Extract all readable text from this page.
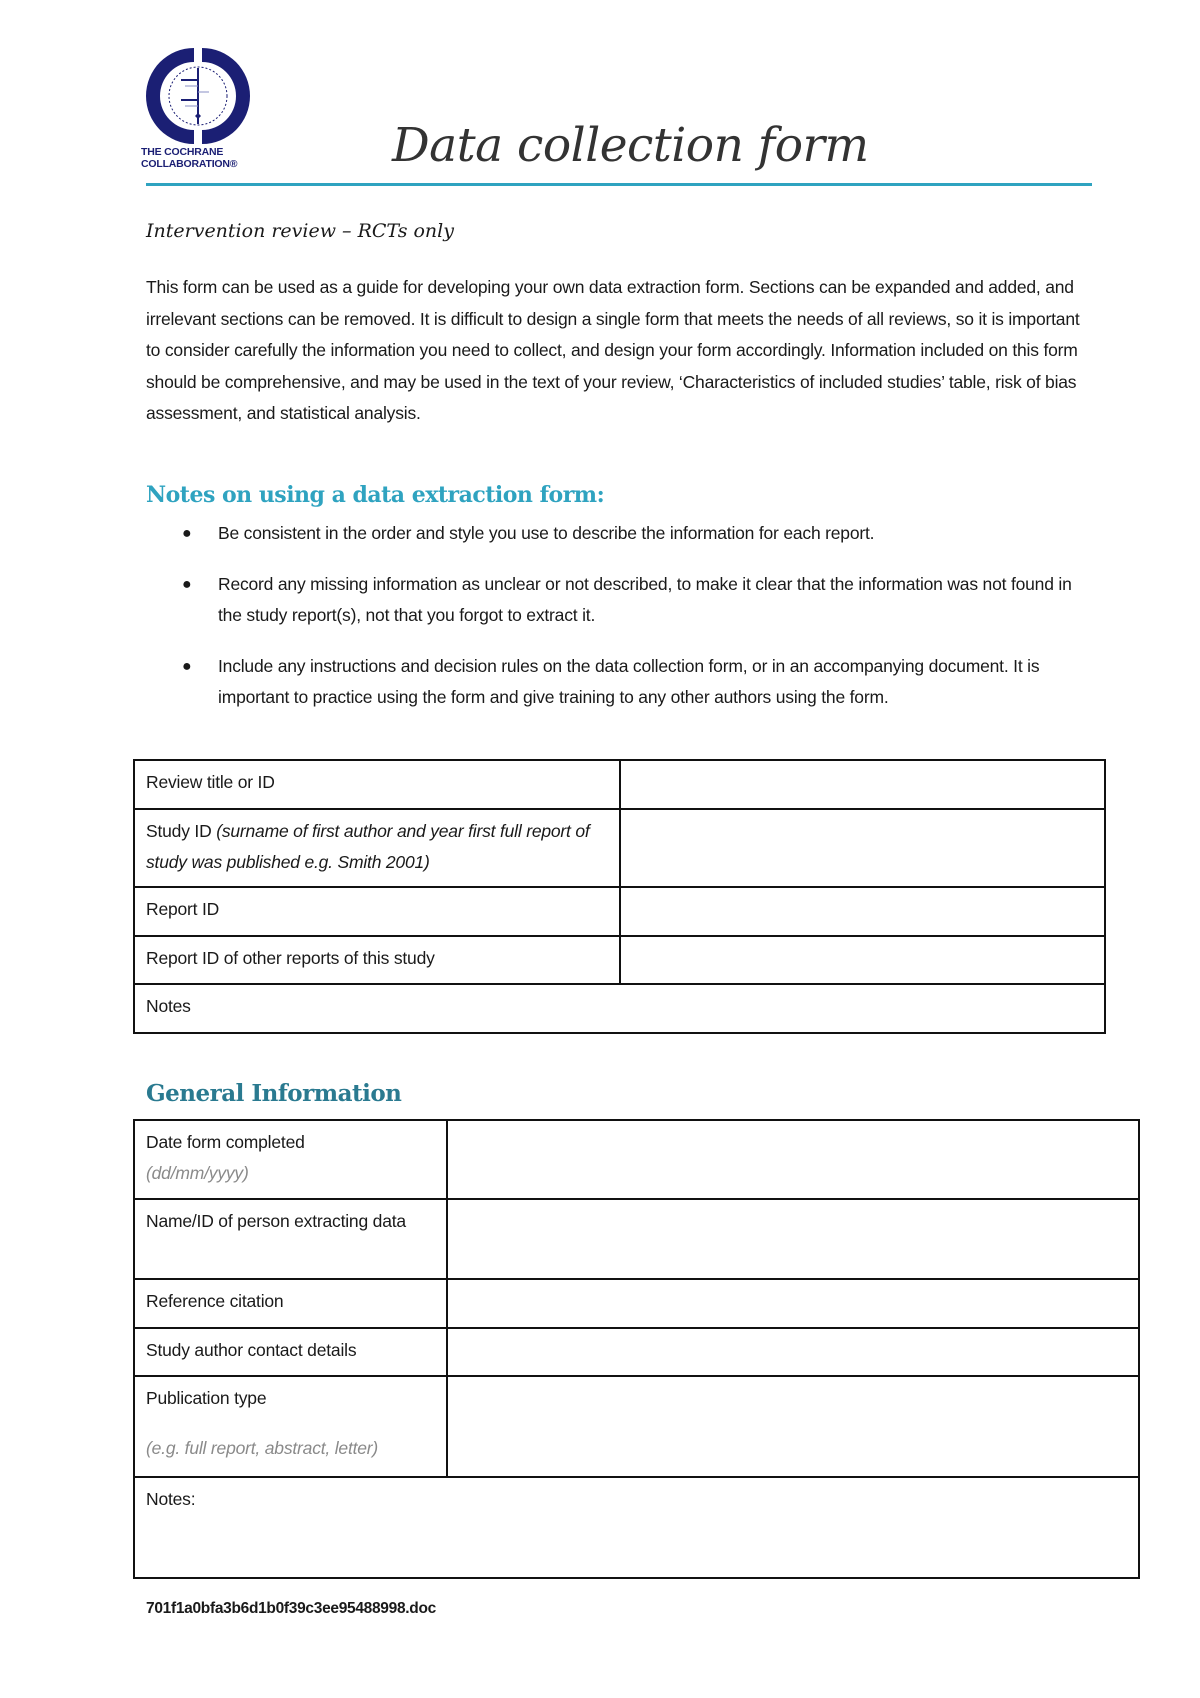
THE COCHRANE
COLLABORATION®	Data collection form
Intervention review – RCTs only

This form can be used as a guide for developing your own data extraction form. Sections can be expanded and added, and irrelevant sections can be removed. It is difficult to design a single form that meets the needs of all reviews, so it is important to consider carefully the information you need to collect, and design your form accordingly. Information included on this form should be comprehensive, and may be used in the text of your review, ‘Characteristics of included studies’ table, risk of bias assessment, and statistical analysis.

Notes on using a data extraction form:
● Be consistent in the order and style you use to describe the information for each report.
● Record any missing information as unclear or not described, to make it clear that the information was not found in the study report(s), not that you forgot to extract it.
● Include any instructions and decision rules on the data collection form, or in an accompanying document. It is important to practice using the form and give training to any other authors using the form.
Review title or ID	
Study ID (surname of first author and year first full report of study was published e.g. Smith 2001)	
Report ID	
Report ID of other reports of this study	
Notes	
General Information
Date form completed
(dd/mm/yyyy)	

Name/ID of person extracting data	
Reference citation	
Study author contact details	

Publication type
(e.g. full report, abstract, letter)	

Notes:	
701f1a0bfa3b6d1b0f39c3ee95488998.doc
